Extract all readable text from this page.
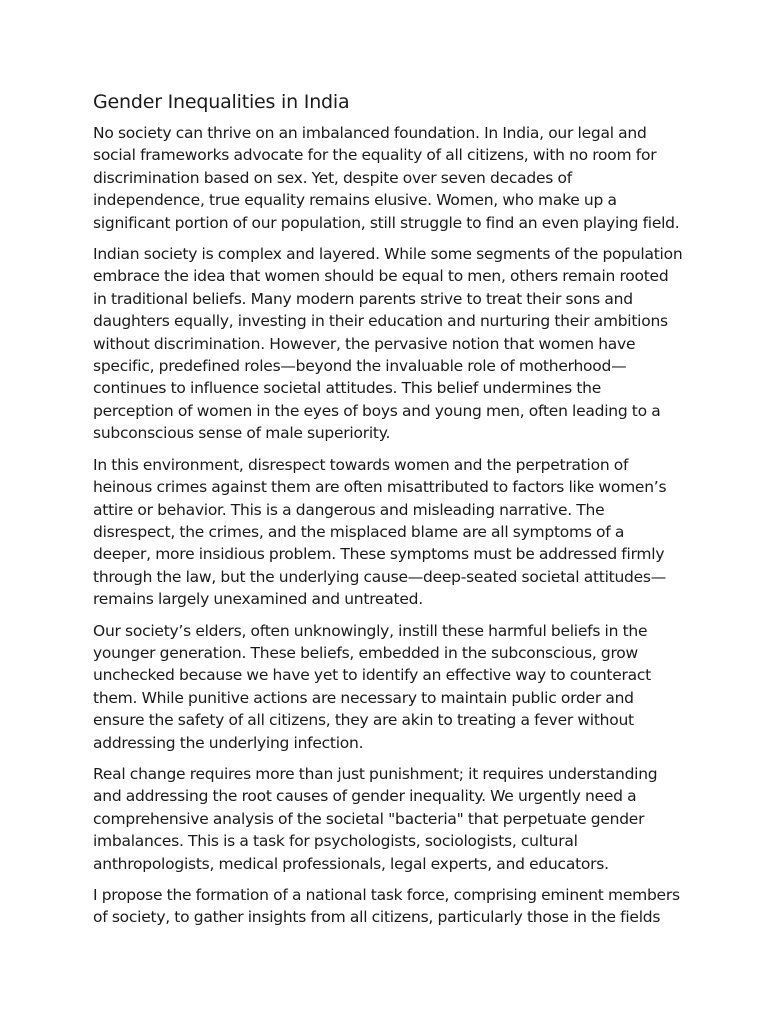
Gender Inequalities in India

No society can thrive on an imbalanced foundation. In India, our legal and social frameworks advocate for the equality of all citizens, with no room for discrimination based on sex. Yet, despite over seven decades of independence, true equality remains elusive. Women, who make up a significant portion of our population, still struggle to find an even playing field.

Indian society is complex and layered. While some segments of the population embrace the idea that women should be equal to men, others remain rooted in traditional beliefs. Many modern parents strive to treat their sons and daughters equally, investing in their education and nurturing their ambitions without discrimination. However, the pervasive notion that women have specific, predefined roles—beyond the invaluable role of motherhood—continues to influence societal attitudes. This belief undermines the perception of women in the eyes of boys and young men, often leading to a subconscious sense of male superiority.

In this environment, disrespect towards women and the perpetration of heinous crimes against them are often misattributed to factors like women’s attire or behavior. This is a dangerous and misleading narrative. The disrespect, the crimes, and the misplaced blame are all symptoms of a deeper, more insidious problem. These symptoms must be addressed firmly through the law, but the underlying cause—deep-seated societal attitudes—remains largely unexamined and untreated.

Our society’s elders, often unknowingly, instill these harmful beliefs in the younger generation. These beliefs, embedded in the subconscious, grow unchecked because we have yet to identify an effective way to counteract them. While punitive actions are necessary to maintain public order and ensure the safety of all citizens, they are akin to treating a fever without addressing the underlying infection.

Real change requires more than just punishment; it requires understanding and addressing the root causes of gender inequality. We urgently need a comprehensive analysis of the societal "bacteria" that perpetuate gender imbalances. This is a task for psychologists, sociologists, cultural anthropologists, medical professionals, legal experts, and educators.

I propose the formation of a national task force, comprising eminent members of society, to gather insights from all citizens, particularly those in the fields
